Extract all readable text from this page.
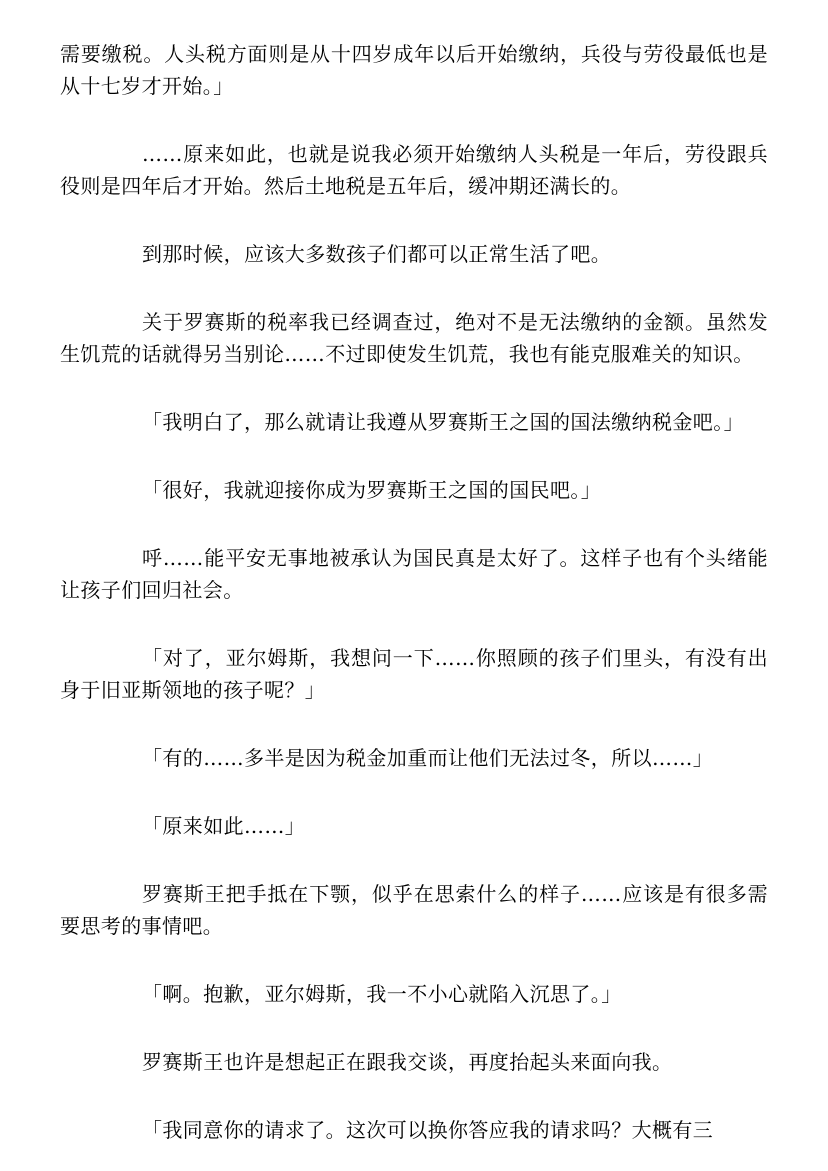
需要缴税。人头税方面则是从十四岁成年以后开始缴纳，兵役与劳役最低也是从十七岁才开始。」

……原来如此，也就是说我必须开始缴纳人头税是一年后，劳役跟兵役则是四年后才开始。然后土地税是五年后，缓冲期还满长的。

到那时候，应该大多数孩子们都可以正常生活了吧。

关于罗赛斯的税率我已经调查过，绝对不是无法缴纳的金额。虽然发生饥荒的话就得另当别论……不过即使发生饥荒，我也有能克服难关的知识。

「我明白了，那么就请让我遵从罗赛斯王之国的国法缴纳税金吧。」

「很好，我就迎接你成为罗赛斯王之国的国民吧。」

呼……能平安无事地被承认为国民真是太好了。这样子也有个头绪能让孩子们回归社会。

「对了，亚尔姆斯，我想问一下……你照顾的孩子们里头，有没有出身于旧亚斯领地的孩子呢？」

「有的……多半是因为税金加重而让他们无法过冬，所以……」

「原来如此……」

罗赛斯王把手抵在下颚，似乎在思索什么的样子……应该是有很多需要思考的事情吧。

「啊。抱歉，亚尔姆斯，我一不小心就陷入沉思了。」

罗赛斯王也许是想起正在跟我交谈，再度抬起头来面向我。

「我同意你的请求了。这次可以换你答应我的请求吗？大概有三
